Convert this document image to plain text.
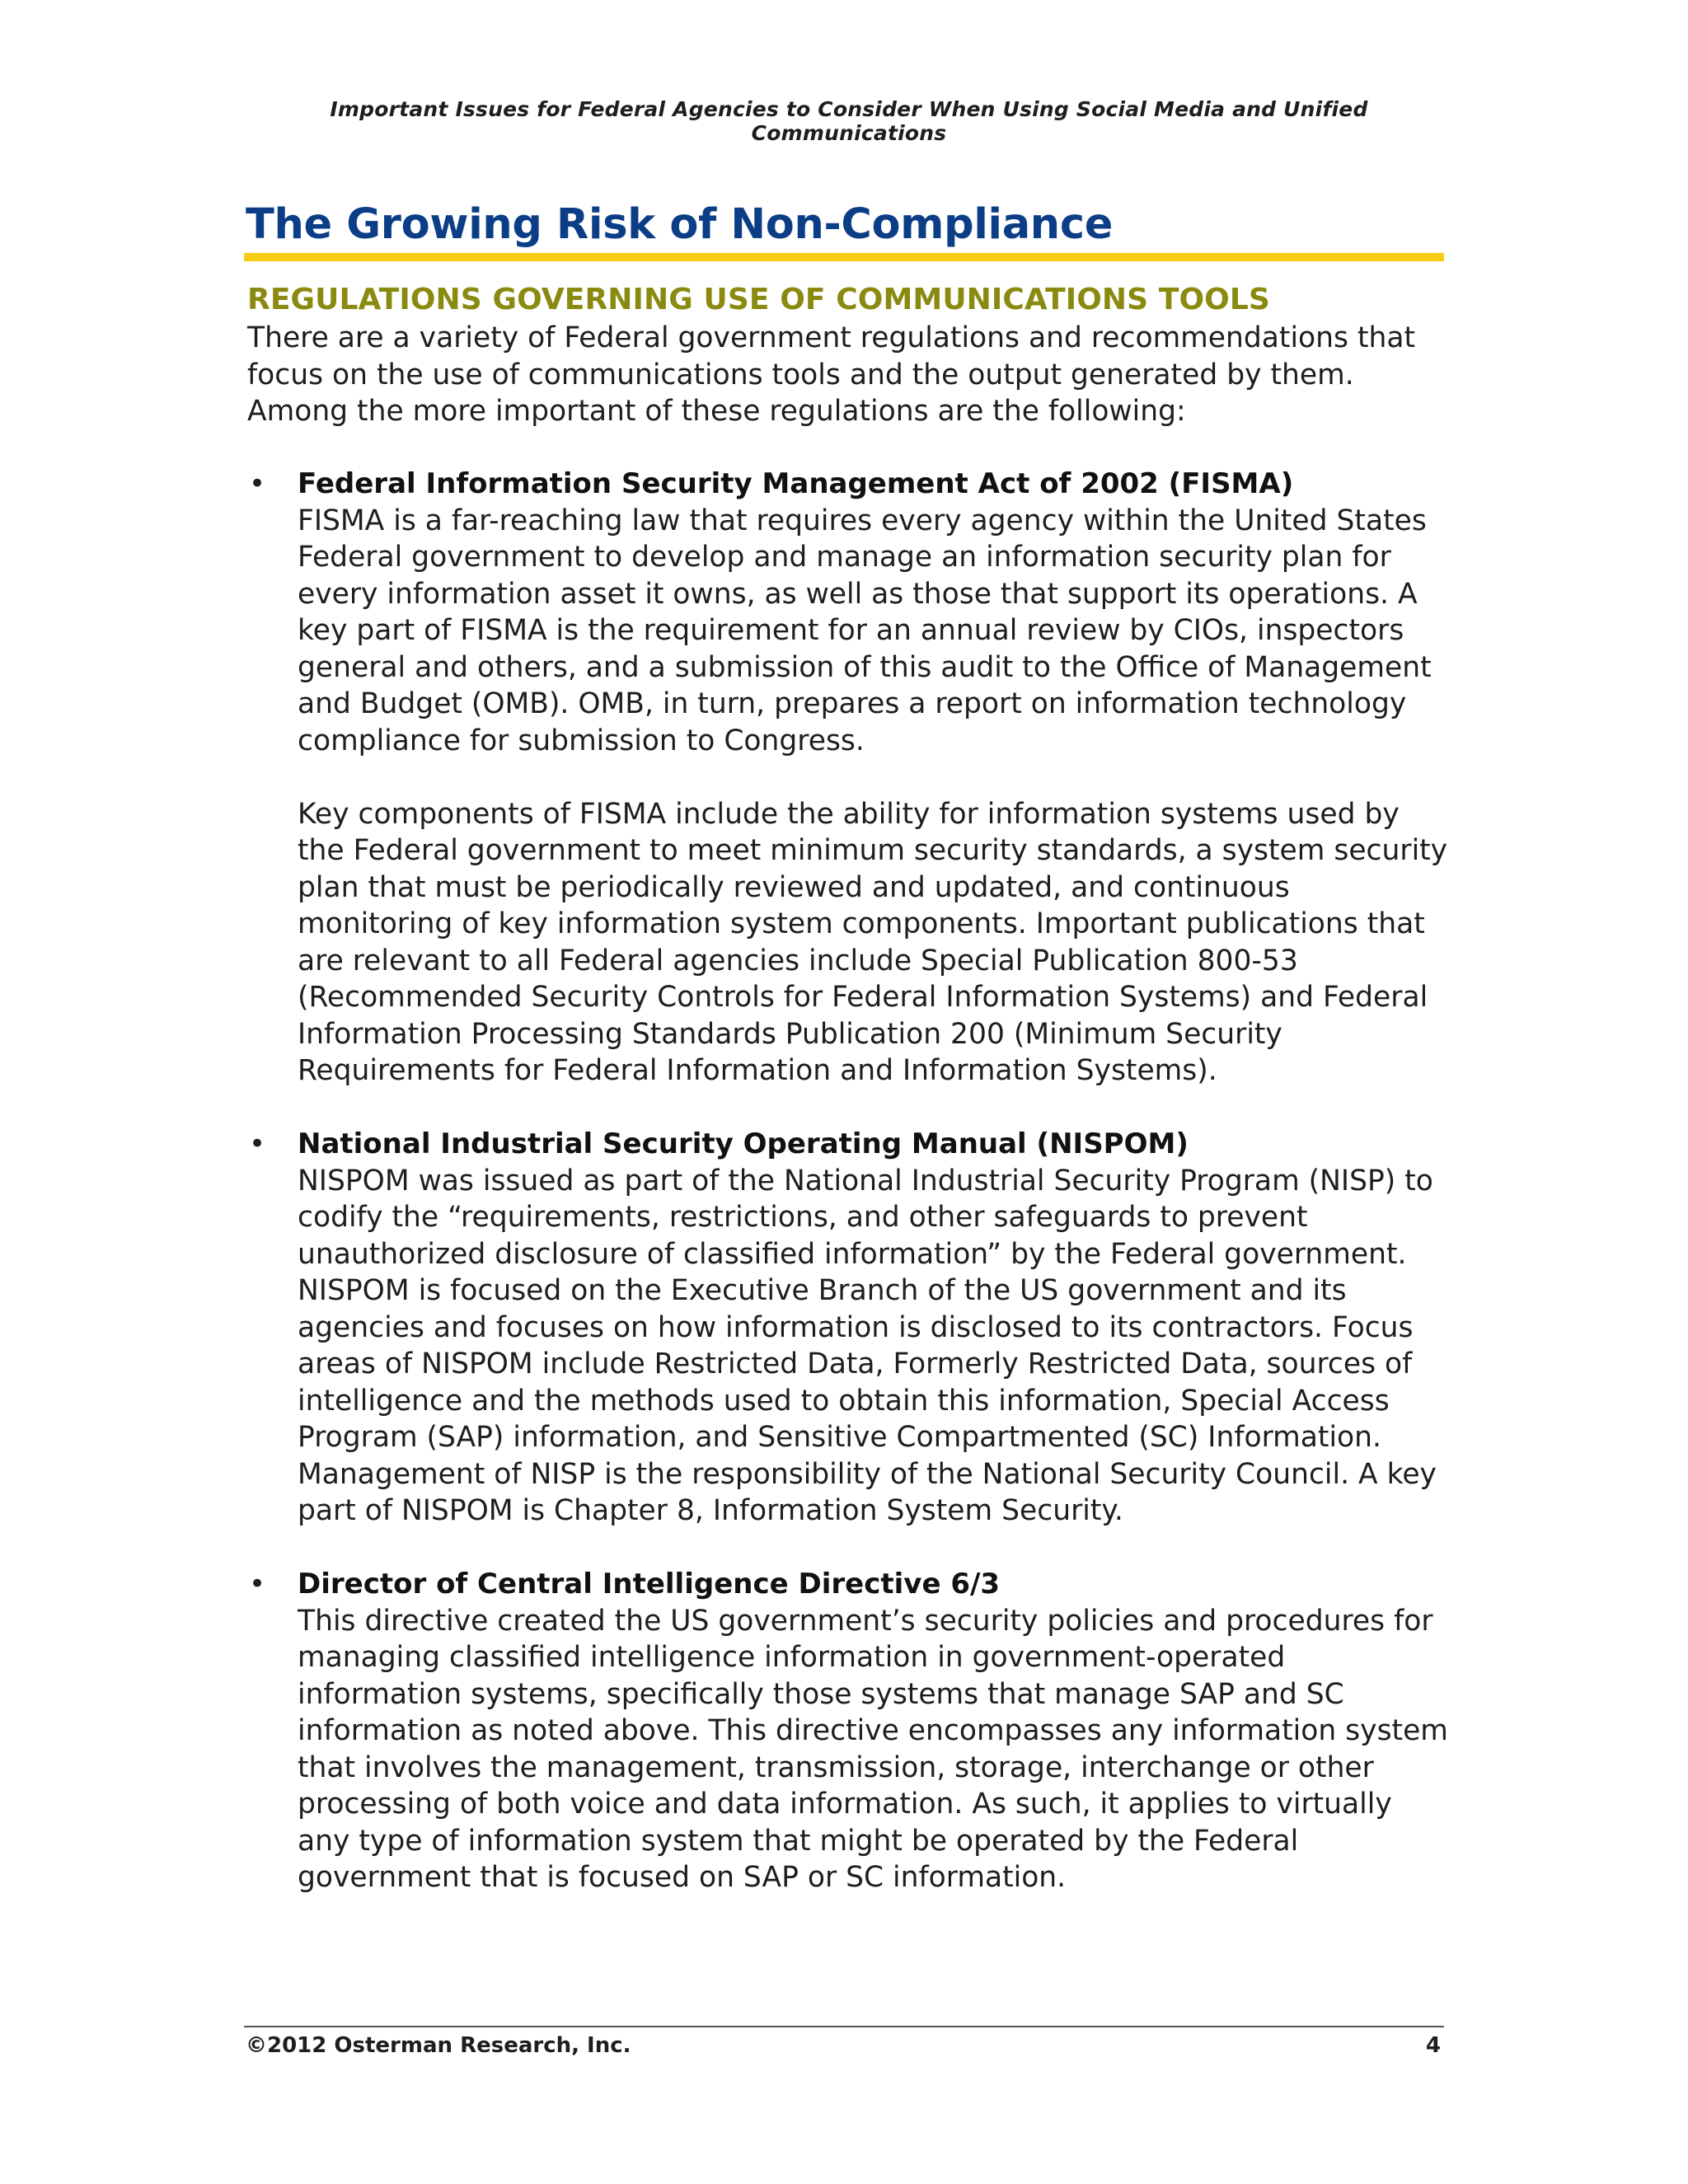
Important Issues for Federal Agencies to Consider When Using Social Media and Unified Communications
The Growing Risk of Non-Compliance
REGULATIONS GOVERNING USE OF COMMUNICATIONS TOOLS

There are a variety of Federal government regulations and recommendations that focus on the use of communications tools and the output generated by them. Among the more important of these regulations are the following:

• Federal Information Security Management Act of 2002 (FISMA)

FISMA is a far-reaching law that requires every agency within the United States Federal government to develop and manage an information security plan for every information asset it owns, as well as those that support its operations. A key part of FISMA is the requirement for an annual review by CIOs, inspectors general and others, and a submission of this audit to the Office of Management and Budget (OMB). OMB, in turn, prepares a report on information technology compliance for submission to Congress.

Key components of FISMA include the ability for information systems used by the Federal government to meet minimum security standards, a system security plan that must be periodically reviewed and updated, and continuous monitoring of key information system components. Important publications that are relevant to all Federal agencies include Special Publication 800-53 (Recommended Security Controls for Federal Information Systems) and Federal Information Processing Standards Publication 200 (Minimum Security Requirements for Federal Information and Information Systems).

• National Industrial Security Operating Manual (NISPOM)

NISPOM was issued as part of the National Industrial Security Program (NISP) to codify the “requirements, restrictions, and other safeguards to prevent unauthorized disclosure of classified information” by the Federal government. NISPOM is focused on the Executive Branch of the US government and its agencies and focuses on how information is disclosed to its contractors. Focus areas of NISPOM include Restricted Data, Formerly Restricted Data, sources of intelligence and the methods used to obtain this information, Special Access Program (SAP) information, and Sensitive Compartmented (SC) Information. Management of NISP is the responsibility of the National Security Council. A key part of NISPOM is Chapter 8, Information System Security.

• Director of Central Intelligence Directive 6/3

This directive created the US government’s security policies and procedures for managing classified intelligence information in government-operated information systems, specifically those systems that manage SAP and SC information as noted above. This directive encompasses any information system that involves the management, transmission, storage, interchange or other processing of both voice and data information. As such, it applies to virtually any type of information system that might be operated by the Federal government that is focused on SAP or SC information.

©2012 Osterman Research, Inc.	4
